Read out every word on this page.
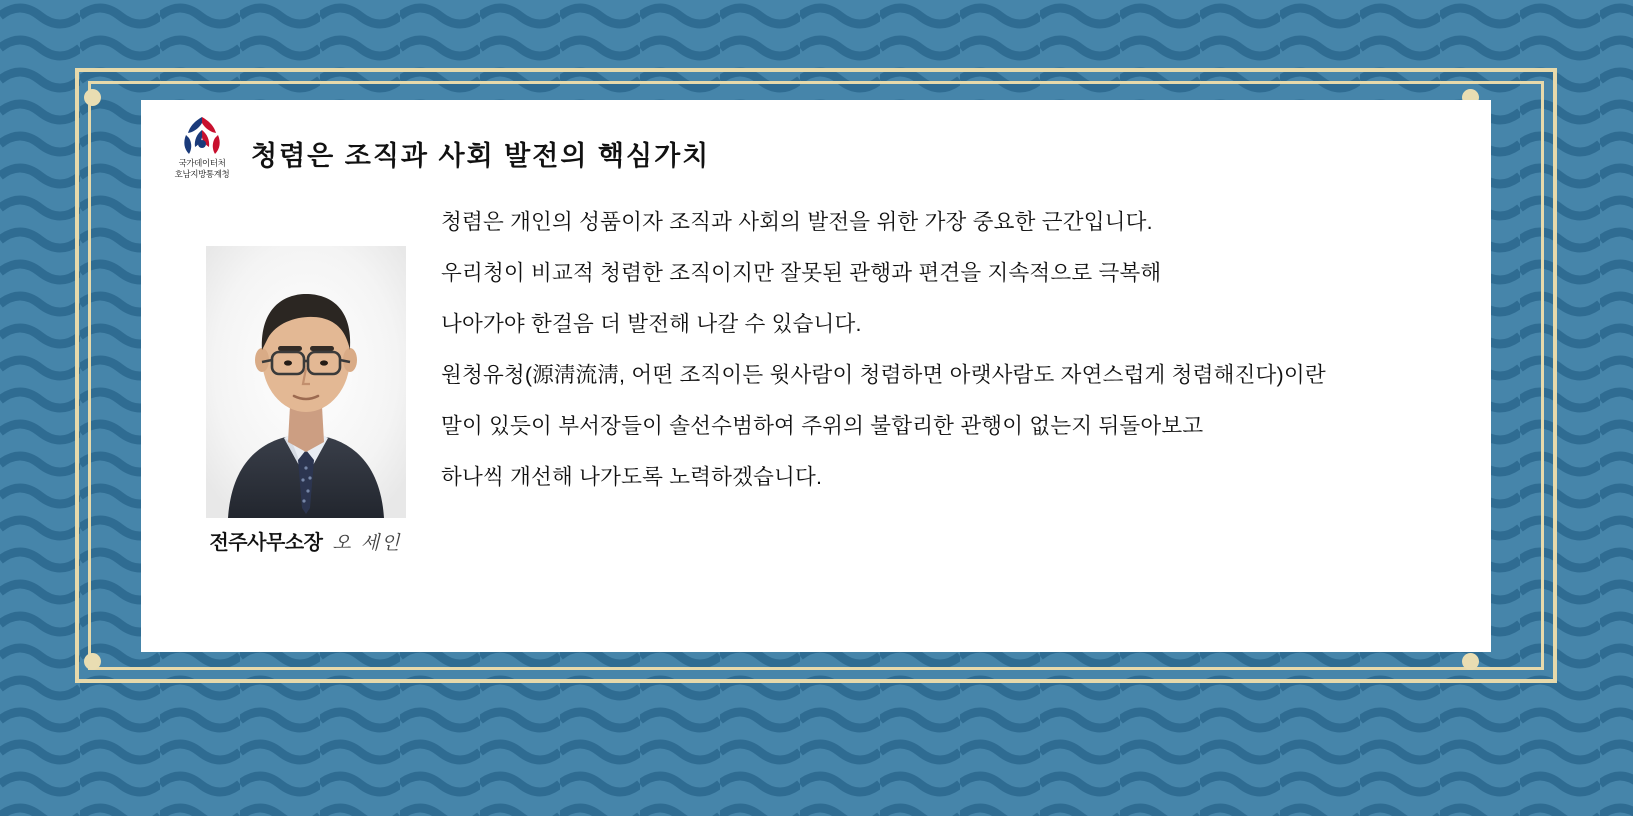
국가데이터처
호남지방통계청
청렴은 조직과 사회 발전의 핵심가치
전주사무소장 오 세인

청렴은 개인의 성품이자 조직과 사회의 발전을 위한 가장 중요한 근간입니다.

우리청이 비교적 청렴한 조직이지만 잘못된 관행과 편견을 지속적으로 극복해

나아가야 한걸음 더 발전해 나갈 수 있습니다.

원청유청(源淸流淸, 어떤 조직이든 윗사람이 청렴하면 아랫사람도 자연스럽게 청렴해진다)이란

말이 있듯이 부서장들이 솔선수범하여 주위의 불합리한 관행이 없는지 뒤돌아보고

하나씩 개선해 나가도록 노력하겠습니다.
